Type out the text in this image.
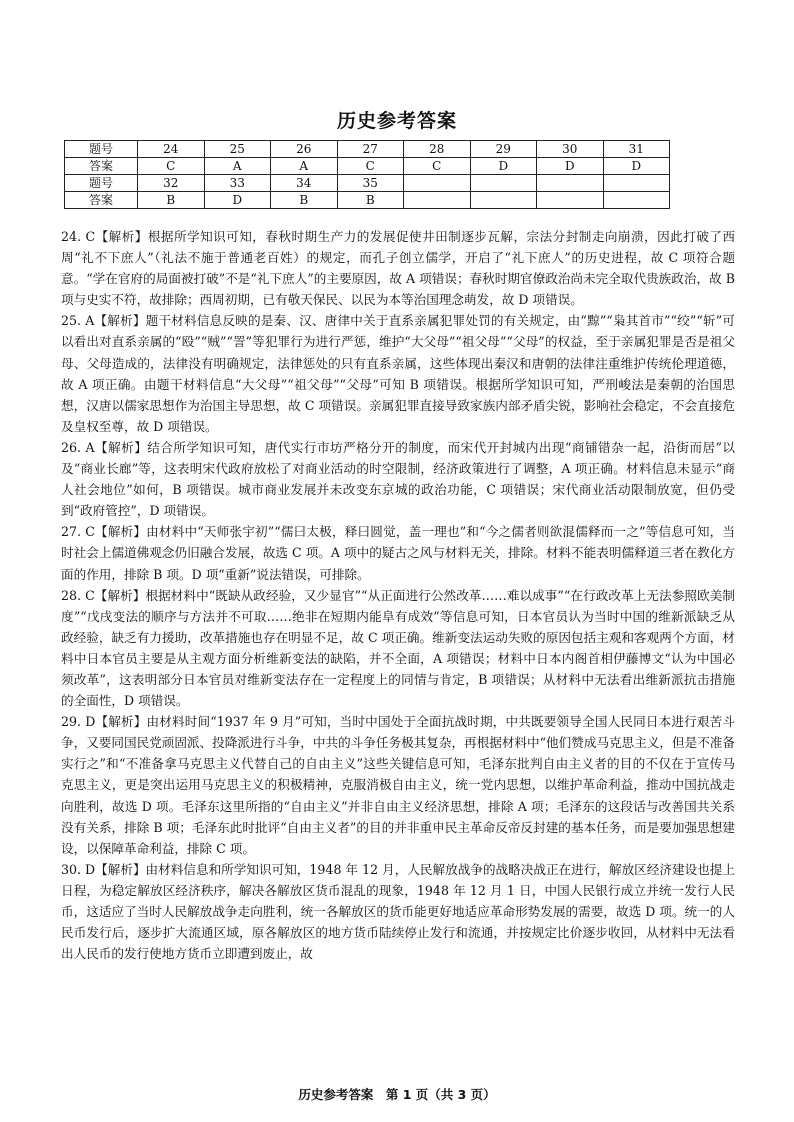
历史参考答案
题号	24	25	26	27	28	29	30	31
答案	C	A	A	C	C	D	D	D
题号	32	33	34	35				
答案	B	D	B	B				

24. C【解析】根据所学知识可知，春秋时期生产力的发展促使井田制逐步瓦解，宗法分封制走向崩溃，因此打破了西周“礼不下庶人”（礼法不施于普通老百姓）的规定，而孔子创立儒学，开启了“礼下庶人”的历史进程，故 C 项符合题意。“学在官府的局面被打破”不是“礼下庶人”的主要原因，故 A 项错误；春秋时期官僚政治尚未完全取代贵族政治，故 B 项与史实不符，故排除；西周初期，已有敬天保民、以民为本等治国理念萌发，故 D 项错误。

25. A【解析】题干材料信息反映的是秦、汉、唐律中关于直系亲属犯罪处罚的有关规定，由“黥”“枭其首市”“绞”“斩”可以看出对直系亲属的“殴”“贼”“詈”等犯罪行为进行严惩，维护“大父母”“祖父母”“父母”的权益，至于亲属犯罪是否是祖父母、父母造成的，法律没有明确规定，法律惩处的只有直系亲属，这些体现出秦汉和唐朝的法律注重维护传统伦理道德，故 A 项正确。由题干材料信息“大父母”“祖父母”“父母”可知 B 项错误。根据所学知识可知，严刑峻法是秦朝的治国思想，汉唐以儒家思想作为治国主导思想，故 C 项错误。亲属犯罪直接导致家族内部矛盾尖锐，影响社会稳定，不会直接危及皇权至尊，故 D 项错误。

26. A【解析】结合所学知识可知，唐代实行市坊严格分开的制度，而宋代开封城内出现“商铺错杂一起，沿街而居”以及“商业长廊”等，这表明宋代政府放松了对商业活动的时空限制，经济政策进行了调整，A 项正确。材料信息未显示“商人社会地位”如何，B 项错误。城市商业发展并未改变东京城的政治功能，C 项错误；宋代商业活动限制放宽，但仍受到“政府管控”，D 项错误。

27. C【解析】由材料中“天师张宇初”“儒曰太极，释曰圆觉，盖一理也”和“今之儒者则欲混儒释而一之”等信息可知，当时社会上儒道佛观念仍旧融合发展，故选 C 项。A 项中的疑古之风与材料无关，排除。材料不能表明儒释道三者在教化方面的作用，排除 B 项。D 项“重新”说法错误，可排除。

28. C【解析】根据材料中“既缺从政经验，又少显官”“从正面进行公然改革……难以成事”“在行政改革上无法参照欧美制度”“戊戌变法的顺序与方法并不可取……绝非在短期内能阜有成效”等信息可知，日本官员认为当时中国的维新派缺乏从政经验，缺乏有力援助，改革措施也存在明显不足，故 C 项正确。维新变法运动失败的原因包括主观和客观两个方面，材料中日本官员主要是从主观方面分析维新变法的缺陷，并不全面，A 项错误；材料中日本内阁首相伊藤博文“认为中国必须改革”，这表明部分日本官员对维新变法存在一定程度上的同情与肯定，B 项错误；从材料中无法看出维新派抗击措施的全面性，D 项错误。

29. D【解析】由材料时间“1937 年 9 月”可知，当时中国处于全面抗战时期，中共既要领导全国人民同日本进行艰苦斗争，又要同国民党顽固派、投降派进行斗争，中共的斗争任务极其复杂，再根据材料中“他们赞成马克思主义，但是不准备实行之”和“不准备拿马克思主义代替自己的自由主义”这些关键信息可知，毛泽东批判自由主义者的目的不仅在于宣传马克思主义，更是突出运用马克思主义的积极精神，克服消极自由主义，统一党内思想，以维护革命利益，推动中国抗战走向胜利，故选 D 项。毛泽东这里所指的“自由主义”并非自由主义经济思想，排除 A 项；毛泽东的这段话与改善国共关系没有关系，排除 B 项；毛泽东此时批评“自由主义者”的目的并非重申民主革命反帝反封建的基本任务，而是要加强思想建设，以保障革命利益，排除 C 项。

30. D【解析】由材料信息和所学知识可知，1948 年 12 月，人民解放战争的战略决战正在进行，解放区经济建设也提上日程，为稳定解放区经济秩序，解决各解放区货币混乱的现象，1948 年 12 月 1 日，中国人民银行成立并统一发行人民币，这适应了当时人民解放战争走向胜利，统一各解放区的货币能更好地适应革命形势发展的需要，故选 D 项。统一的人民币发行后，逐步扩大流通区域，原各解放区的地方货币陆续停止发行和流通，并按规定比价逐步收回，从材料中无法看出人民币的发行使地方货币立即遭到废止，故

历史参考答案　第 1 页（共 3 页）
